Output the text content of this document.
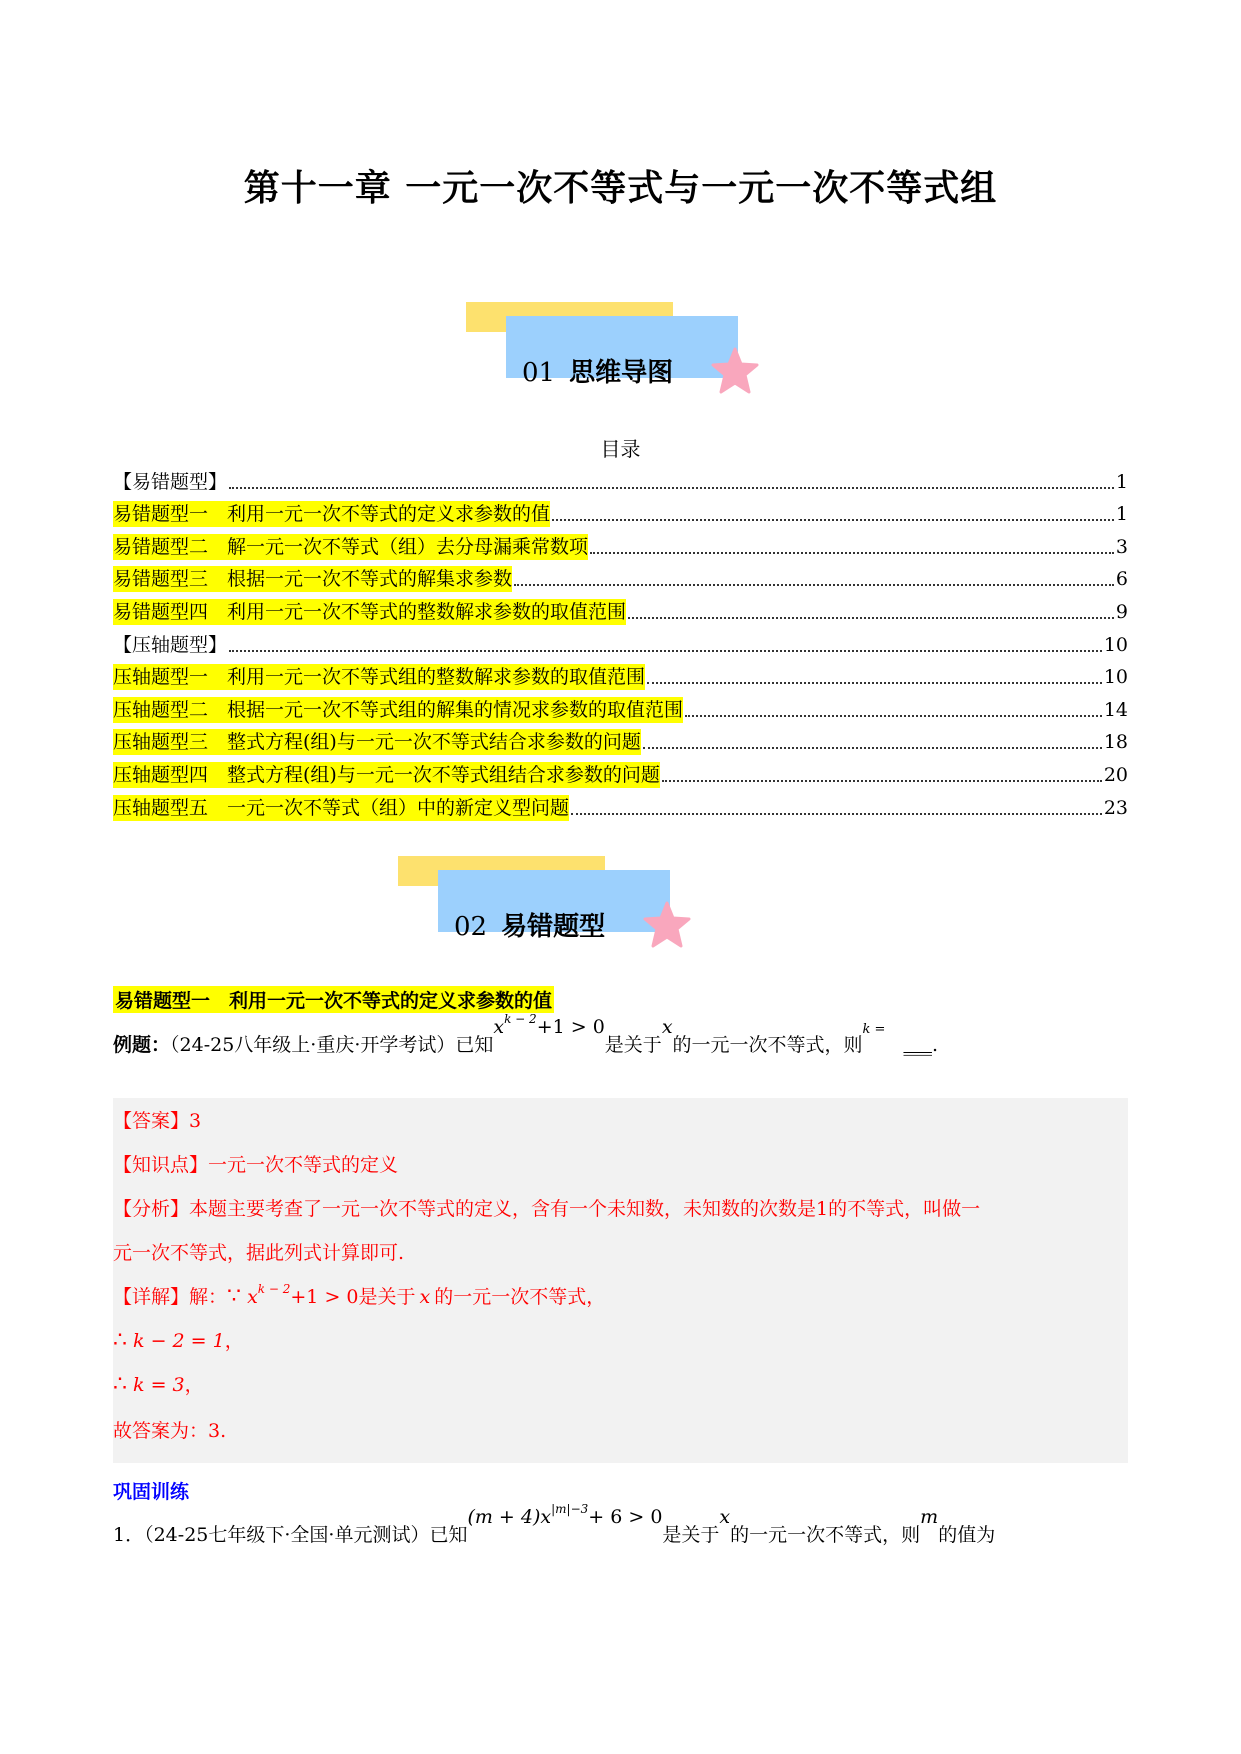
第十一章 一元一次不等式与一元一次不等式组
01 思维导图
目录
【易错题型】	1
易错题型一　利用一元一次不等式的定义求参数的值	1
易错题型二　解一元一次不等式（组）去分母漏乘常数项	3
易错题型三　根据一元一次不等式的解集求参数	6
易错题型四　利用一元一次不等式的整数解求参数的取值范围	9
【压轴题型】	10
压轴题型一　利用一元一次不等式组的整数解求参数的取值范围	10
压轴题型二　根据一元一次不等式组的解集的情况求参数的取值范围	14
压轴题型三　整式方程(组)与一元一次不等式结合求参数的问题	18
压轴题型四　整式方程(组)与一元一次不等式组结合求参数的问题	20
压轴题型五　一元一次不等式（组）中的新定义型问题	23
02 易错题型
易错题型一　利用一元一次不等式的定义求参数的值
例题：（24-25八年级上·重庆·开学考试）已知$x^{k - 2}+1 > 0$是关于x的一元一次不等式，则$^{k =}$___.
【答案】3
【知识点】一元一次不等式的定义
【分析】本题主要考查了一元一次不等式的定义，含有一个未知数，未知数的次数是1的不等式，叫做一
元一次不等式，据此列式计算即可.
【详解】解：∵ $x^{k - 2}+1 > 0$是关于 x 的一元一次不等式，
∴ k − 2 = 1，
∴ k = 3，
故答案为：3.
巩固训练
1．（24-25七年级下·全国·单元测试）已知$(m + 4)x^{|m|-3}+ 6 > 0$是关于x的一元一次不等式，则m的值为
